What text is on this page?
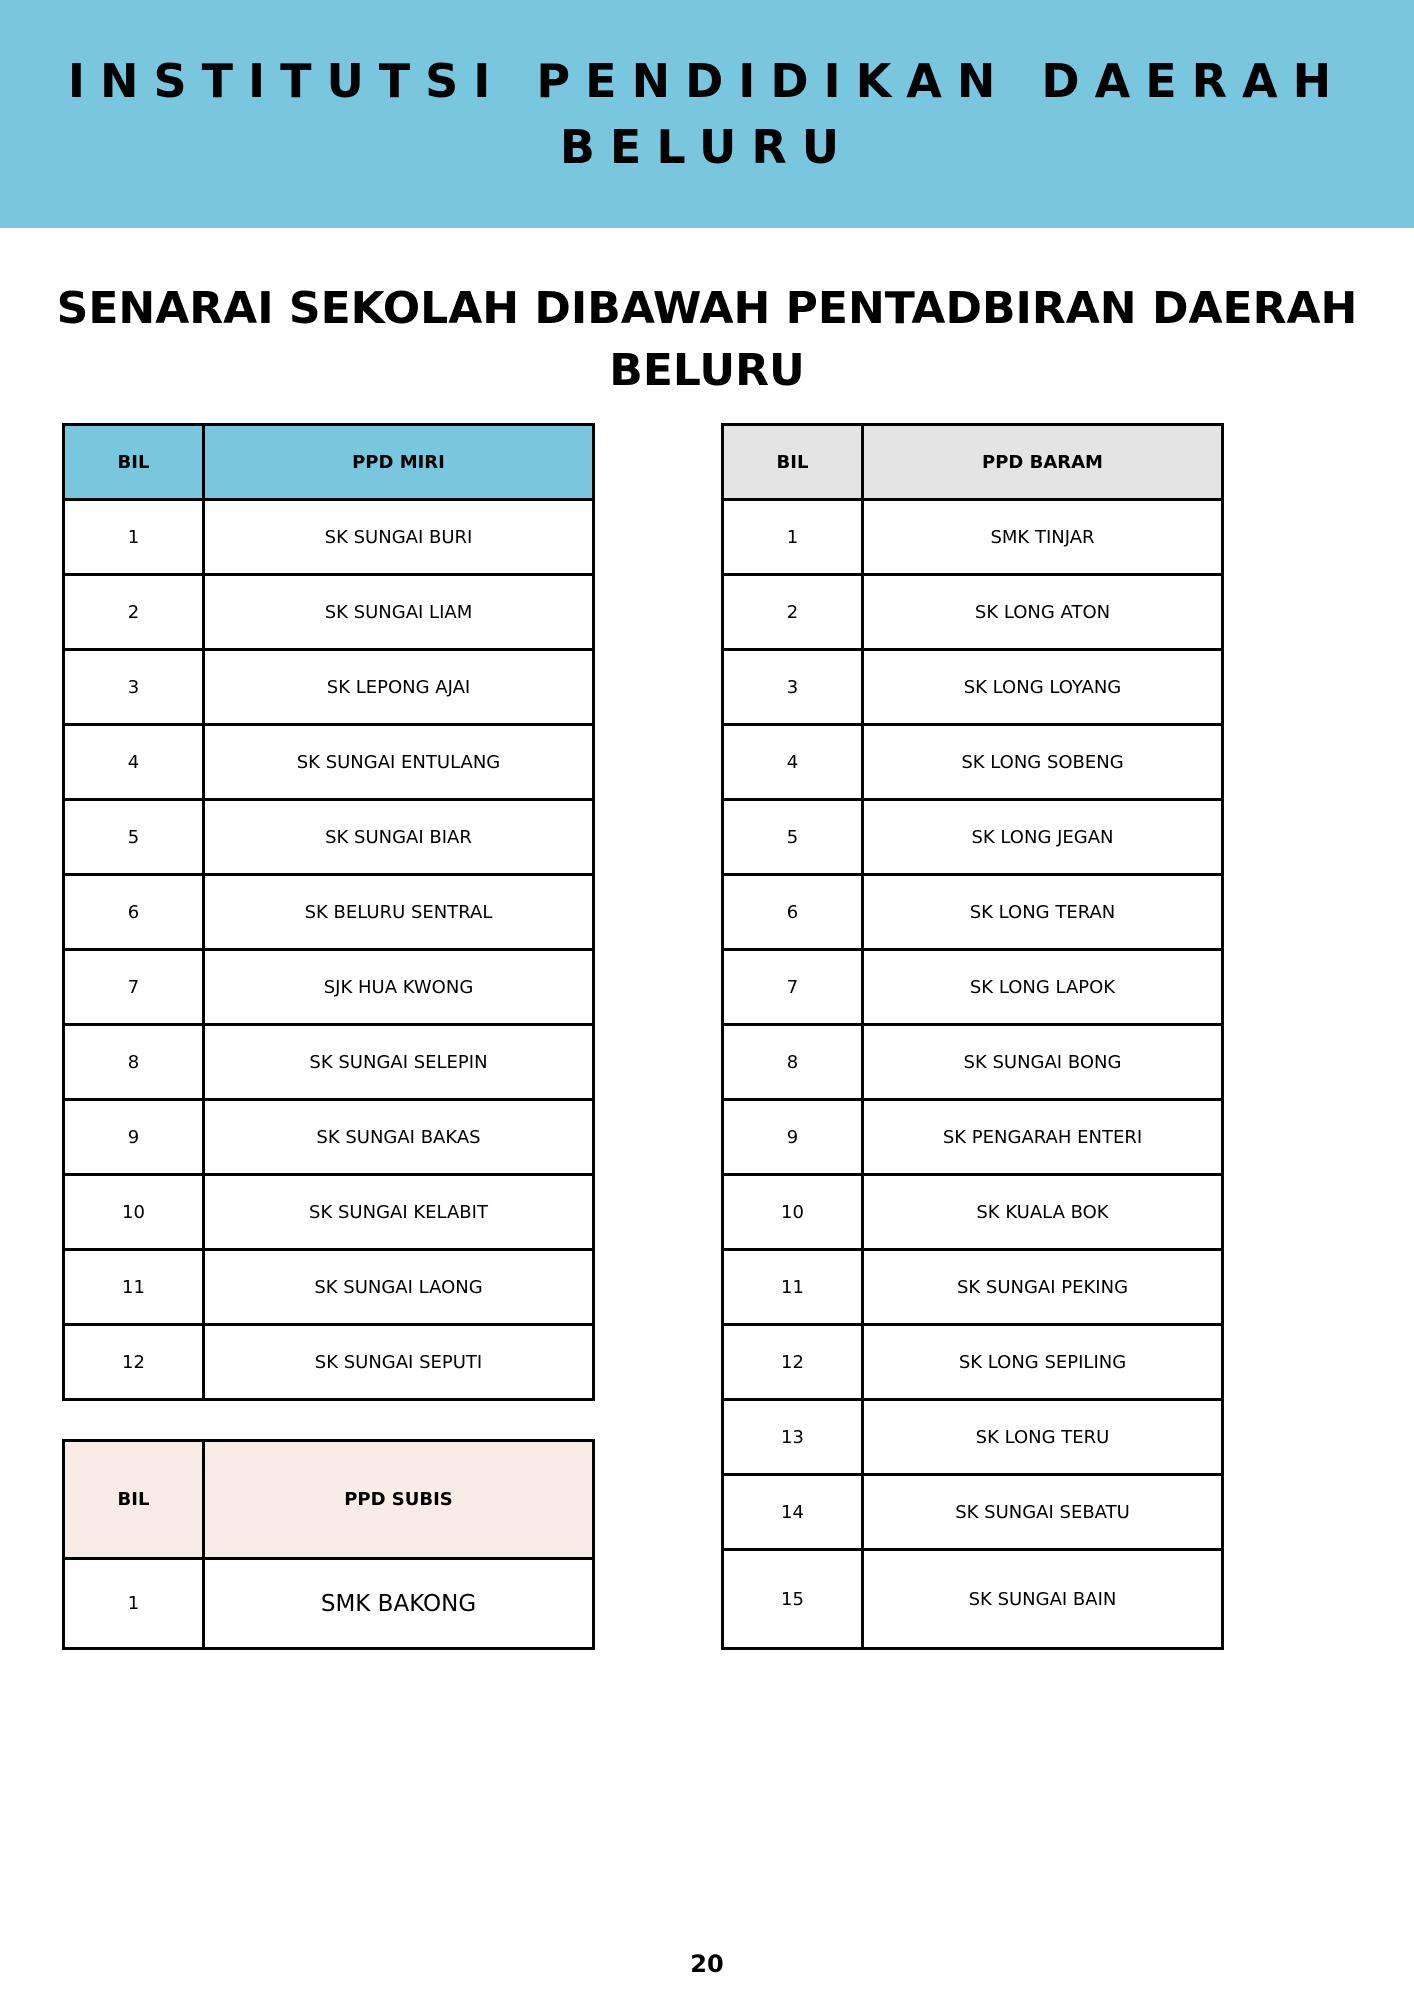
INSTITUTSI PENDIDIKAN DAERAH
BELURU
SENARAI SEKOLAH DIBAWAH PENTADBIRAN DAERAH
BELURU
BIL	PPD MIRI
1	SK SUNGAI BURI
2	SK SUNGAI LIAM
3	SK LEPONG AJAI
4	SK SUNGAI ENTULANG
5	SK SUNGAI BIAR
6	SK BELURU SENTRAL
7	SJK HUA KWONG
8	SK SUNGAI SELEPIN
9	SK SUNGAI BAKAS
10	SK SUNGAI KELABIT
11	SK SUNGAI LAONG
12	SK SUNGAI SEPUTI
BIL	PPD SUBIS
1	SMK BAKONG
BIL	PPD BARAM
1	SMK TINJAR
2	SK LONG ATON
3	SK LONG LOYANG
4	SK LONG SOBENG
5	SK LONG JEGAN
6	SK LONG TERAN
7	SK LONG LAPOK
8	SK SUNGAI BONG
9	SK PENGARAH ENTERI
10	SK KUALA BOK
11	SK SUNGAI PEKING
12	SK LONG SEPILING
13	SK LONG TERU
14	SK SUNGAI SEBATU
15	SK SUNGAI BAIN
20
